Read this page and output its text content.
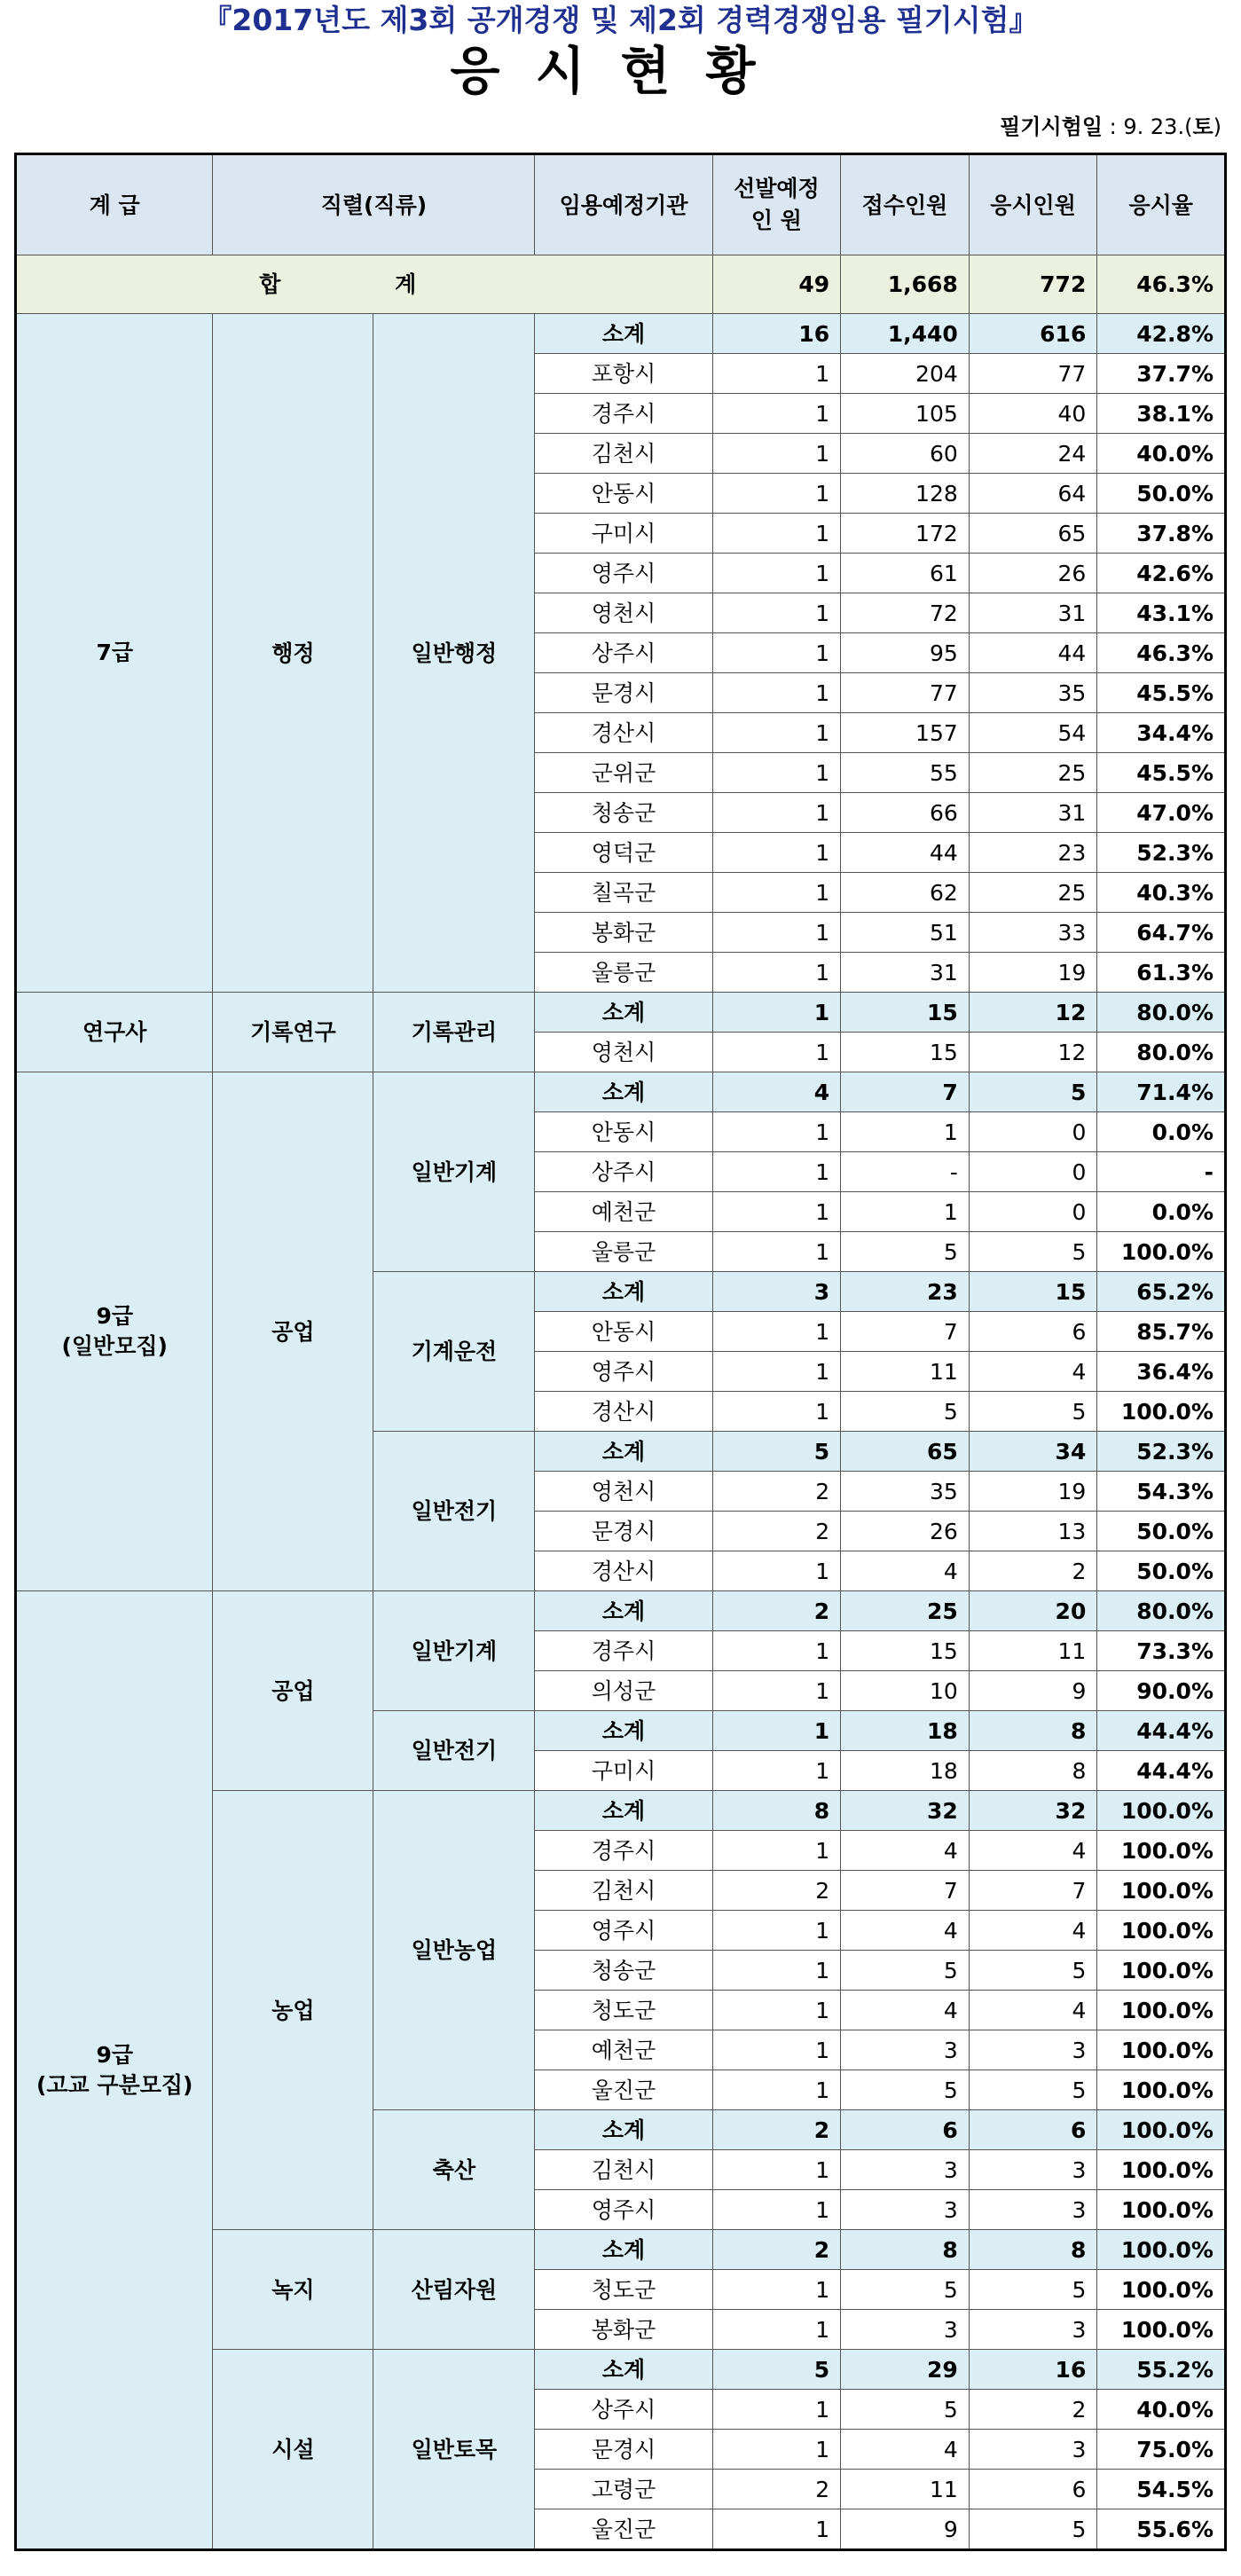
『2017년도 제3회 공개경쟁 및 제2회 경력경쟁임용 필기시험』
응시현황
필기시험일 : 9. 23.(토)
계 급	직렬(직류)		임용예정기관	선발예정
인 원	접수인원	응시인원	응시율
합 계				49	1,668	772	46.3%
7급	행정	일반행정	소계	16	1,440	616	42.8%
			포항시	1	204	77	37.7%
			경주시	1	105	40	38.1%
			김천시	1	60	24	40.0%
			안동시	1	128	64	50.0%
			구미시	1	172	65	37.8%
			영주시	1	61	26	42.6%
			영천시	1	72	31	43.1%
			상주시	1	95	44	46.3%
			문경시	1	77	35	45.5%
			경산시	1	157	54	34.4%
			군위군	1	55	25	45.5%
			청송군	1	66	31	47.0%
			영덕군	1	44	23	52.3%
			칠곡군	1	62	25	40.3%
			봉화군	1	51	33	64.7%
			울릉군	1	31	19	61.3%
연구사	기록연구	기록관리	소계	1	15	12	80.0%
			영천시	1	15	12	80.0%
9급
(일반모집)	공업	일반기계	소계	4	7	5	71.4%
			안동시	1	1	0	0.0%
			상주시	1	-	0	-
			예천군	1	1	0	0.0%
			울릉군	1	5	5	100.0%
		기계운전	소계	3	23	15	65.2%
			안동시	1	7	6	85.7%
			영주시	1	11	4	36.4%
			경산시	1	5	5	100.0%
		일반전기	소계	5	65	34	52.3%
			영천시	2	35	19	54.3%
			문경시	2	26	13	50.0%
			경산시	1	4	2	50.0%
9급
(고교 구분모집)	공업	일반기계	소계	2	25	20	80.0%
			경주시	1	15	11	73.3%
			의성군	1	10	9	90.0%
		일반전기	소계	1	18	8	44.4%
			구미시	1	18	8	44.4%
	농업	일반농업	소계	8	32	32	100.0%
			경주시	1	4	4	100.0%
			김천시	2	7	7	100.0%
			영주시	1	4	4	100.0%
			청송군	1	5	5	100.0%
			청도군	1	4	4	100.0%
			예천군	1	3	3	100.0%
			울진군	1	5	5	100.0%
		축산	소계	2	6	6	100.0%
			김천시	1	3	3	100.0%
			영주시	1	3	3	100.0%
	녹지	산림자원	소계	2	8	8	100.0%
			청도군	1	5	5	100.0%
			봉화군	1	3	3	100.0%
	시설	일반토목	소계	5	29	16	55.2%
			상주시	1	5	2	40.0%
			문경시	1	4	3	75.0%
			고령군	2	11	6	54.5%
			울진군	1	9	5	55.6%
